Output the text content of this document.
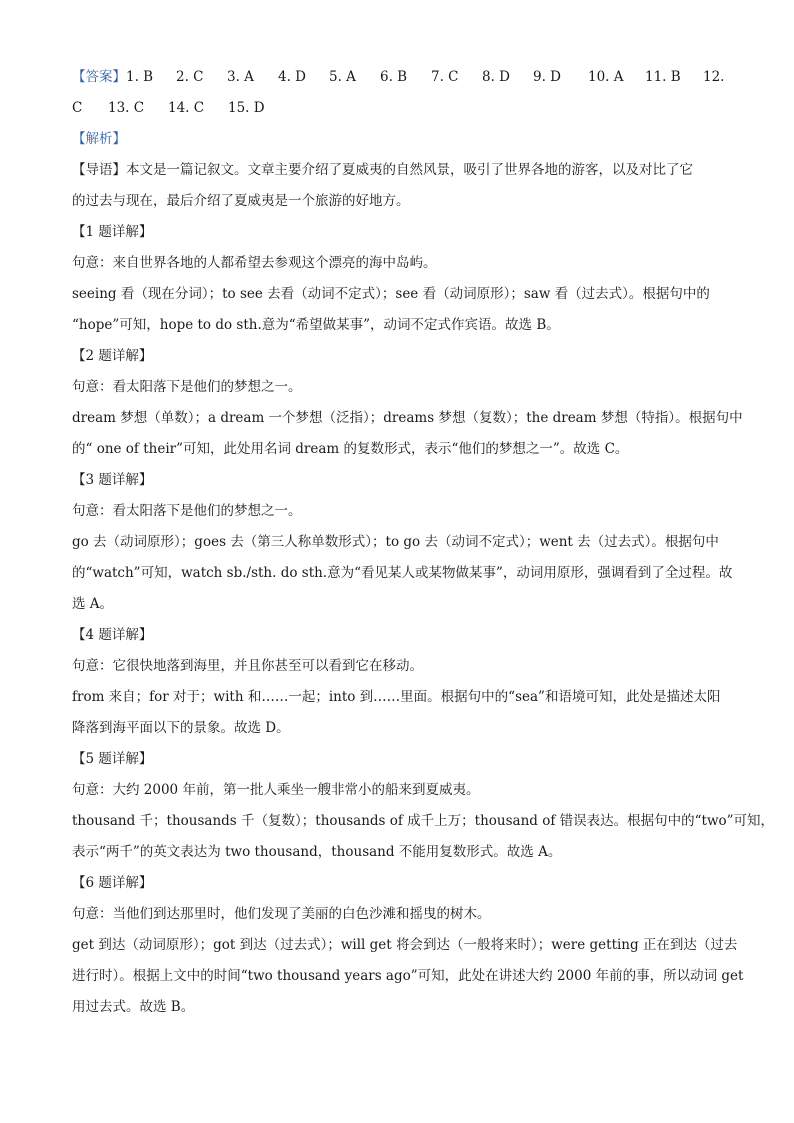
【答案】1. B 2. C 3. A 4. D 5. A 6. B 7. C 8. D 9. D 10. A 11. B 12.
C 13. C 14. C 15. D
【解析】
【导语】本文是一篇记叙文。文章主要介绍了夏威夷的自然风景，吸引了世界各地的游客，以及对比了它
的过去与现在，最后介绍了夏威夷是一个旅游的好地方。
【1 题详解】
句意：来自世界各地的人都希望去参观这个漂亮的海中岛屿。
seeing 看（现在分词）；to see 去看（动词不定式）；see 看（动词原形）；saw 看（过去式）。根据句中的
“hope”可知，hope to do sth.意为“希望做某事”，动词不定式作宾语。故选 B。
【2 题详解】
句意：看太阳落下是他们的梦想之一。
dream 梦想（单数）；a dream 一个梦想（泛指）；dreams 梦想（复数）；the dream 梦想（特指）。根据句中
的“ one of their”可知，此处用名词 dream 的复数形式，表示“他们的梦想之一”。故选 C。
【3 题详解】
句意：看太阳落下是他们的梦想之一。
go 去（动词原形）；goes 去（第三人称单数形式）；to go 去（动词不定式）；went 去（过去式）。根据句中
的“watch”可知，watch sb./sth. do sth.意为“看见某人或某物做某事”，动词用原形，强调看到了全过程。故
选 A。
【4 题详解】
句意：它很快地落到海里，并且你甚至可以看到它在移动。
from 来自；for 对于；with 和……一起；into 到……里面。根据句中的“sea”和语境可知，此处是描述太阳
降落到海平面以下的景象。故选 D。
【5 题详解】
句意：大约 2000 年前，第一批人乘坐一艘非常小的船来到夏威夷。
thousand 千；thousands 千（复数）；thousands of 成千上万；thousand of 错误表达。根据句中的“two”可知，
表示“两千”的英文表达为 two thousand，thousand 不能用复数形式。故选 A。
【6 题详解】
句意：当他们到达那里时，他们发现了美丽的白色沙滩和摇曳的树木。
get 到达（动词原形）；got 到达（过去式）；will get 将会到达（一般将来时）；were getting 正在到达（过去
进行时）。根据上文中的时间“two thousand years ago”可知，此处在讲述大约 2000 年前的事，所以动词 get
用过去式。故选 B。
